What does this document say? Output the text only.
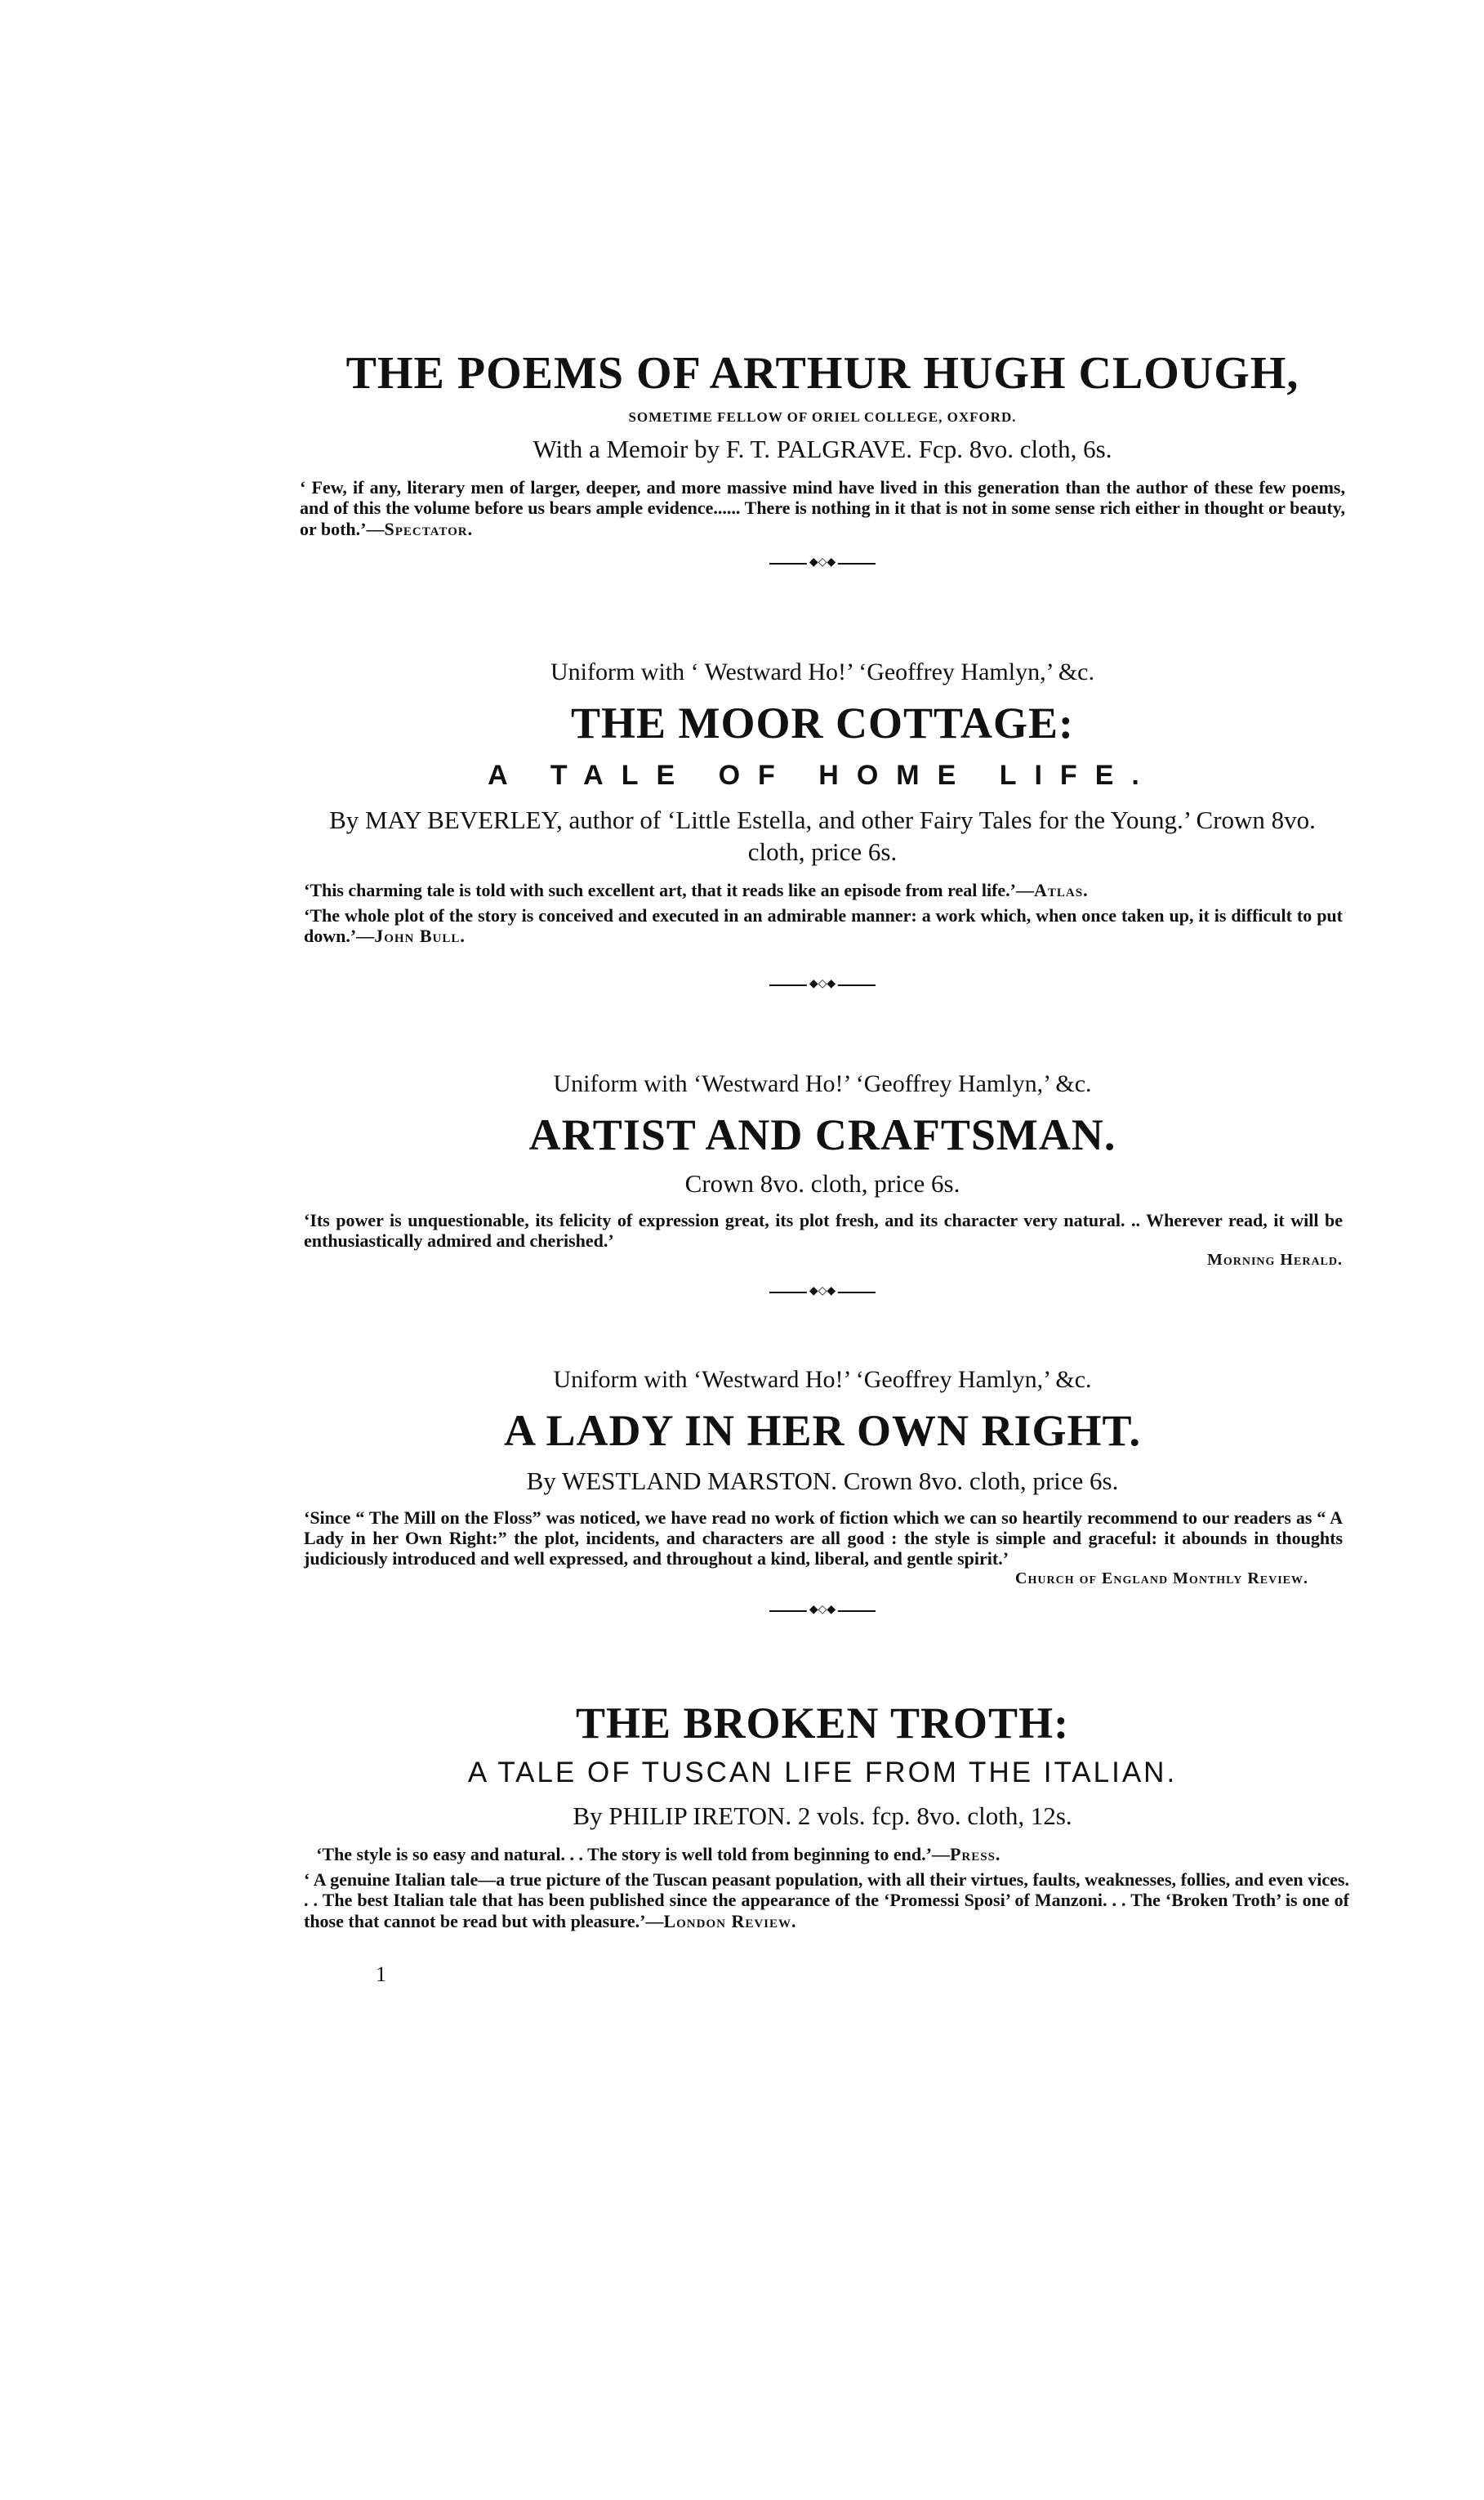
THE POEMS OF ARTHUR HUGH CLOUGH,
SOMETIME FELLOW OF ORIEL COLLEGE, OXFORD.
With a Memoir by F. T. PALGRAVE. Fcp. 8vo. cloth, 6s.
‘ Few, if any, literary men of larger, deeper, and more massive mind have lived in this generation than the author of these few poems, and of this the volume before us bears ample evidence...... There is nothing in it that is not in some sense rich either in thought or beauty, or both.’—Spectator.
◆◇◆
Uniform with ‘ Westward Ho!’ ‘Geoffrey Hamlyn,’ &c.
THE MOOR COTTAGE:
A TALE OF HOME LIFE.
By MAY BEVERLEY, author of ‘Little Estella, and other Fairy Tales for the Young.’ Crown 8vo. cloth, price 6s.
‘This charming tale is told with such excellent art, that it reads like an episode from real life.’—Atlas.
‘The whole plot of the story is conceived and executed in an admirable manner: a work which, when once taken up, it is difficult to put down.’—John Bull.
◆◇◆
Uniform with ‘Westward Ho!’ ‘Geoffrey Hamlyn,’ &c.
ARTIST AND CRAFTSMAN.
Crown 8vo. cloth, price 6s.
‘Its power is unquestionable, its felicity of expression great, its plot fresh, and its character very natural. .. Wherever read, it will be enthusiastically admired and cherished.’
Morning Herald.
◆◇◆
Uniform with ‘Westward Ho!’ ‘Geoffrey Hamlyn,’ &c.
A LADY IN HER OWN RIGHT.
By WESTLAND MARSTON. Crown 8vo. cloth, price 6s.
‘Since “ The Mill on the Floss” was noticed, we have read no work of fiction which we can so heartily recommend to our readers as “ A Lady in her Own Right:” the plot, incidents, and characters are all good : the style is simple and graceful: it abounds in thoughts judiciously introduced and well expressed, and throughout a kind, liberal, and gentle spirit.’
Church of England Monthly Review.
◆◇◆
THE BROKEN TROTH:
A TALE OF TUSCAN LIFE FROM THE ITALIAN.
By PHILIP IRETON. 2 vols. fcp. 8vo. cloth, 12s.
‘The style is so easy and natural. . . The story is well told from beginning to end.’—Press.
‘ A genuine Italian tale—a true picture of the Tuscan peasant population, with all their virtues, faults, weaknesses, follies, and even vices. . . The best Italian tale that has been published since the appearance of the ‘Promessi Sposi’ of Manzoni. . . The ‘Broken Troth’ is one of those that cannot be read but with pleasure.’—London Review.
1
